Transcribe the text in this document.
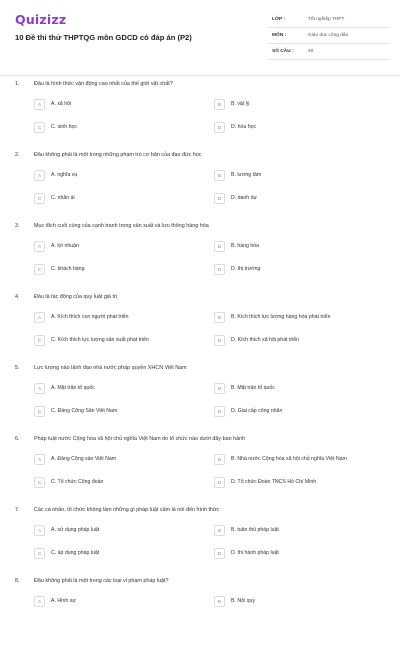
Quizizz
10 Đề thi thử THPTQG môn GDCD có đáp án (P2)
LỚP :	Tốt nghiệp THPT
MÔN :	Giáo dục công dân
SỐ CÂU :	40
1.	Đâu là hình thức vận động cao nhất của thế giới vật chất?
A	A. xã hội	B	B. vật lý
C	C. sinh học	D	D. hóa học
2.	Đâu không phải là một trong những phạm trù cơ bản của đạo đức học
A	A. nghĩa vụ	B	B. lương tâm
C	C. nhân ái	D	D. danh dự
3.	Mục đích cuối cùng của cạnh tranh trong sản xuất và lưu thông hàng hóa
A	A. lợi nhuận	B	B. hàng hóa
C	C. khách hàng	D	D. thị trường
4.	Đâu là tác động của quy luật giá trị
A	A. Kích thích con người phát triển	B	B. Kích thích lực lượng hàng hóa phát triển
C	C. Kích thích lực lượng sản xuất phát triển	D	D. Kích thích xã hội phát triển
5.	Lực lượng nào lãnh đạo nhà nước pháp quyền XHCN Việt Nam
A	A. Mặt trận tổ quốc	B	B. Mặt trận tổ quốc
C	C. Đảng Cộng Sản Việt Nam	D	D. Giai cấp công nhân
6.	Pháp luật nước Cộng hòa xã hội chủ nghĩa Việt Nam do tổ chức nào dưới đây ban hành
A	A. Đảng Cộng sản Việt Nam	B	B. Nhà nước Cộng hòa xã hội chủ nghĩa Việt Nam
C	C. Tổ chức Công đoàn	D	D. Tổ chức Đoàn TNCS Hồ Chí Minh
7.	Các cá nhân, tổ chức không làm những gì pháp luật cấm là nói đến hình thức
A	A. sử dụng pháp luật	B	B. tuân thủ pháp luật
C	C. áp dụng pháp luật	D	D. thi hành pháp luật
8.	Đâu không phải là một trong các loại vi phạm pháp luật?
A	A. Hình sự	B	B. Nội quy
